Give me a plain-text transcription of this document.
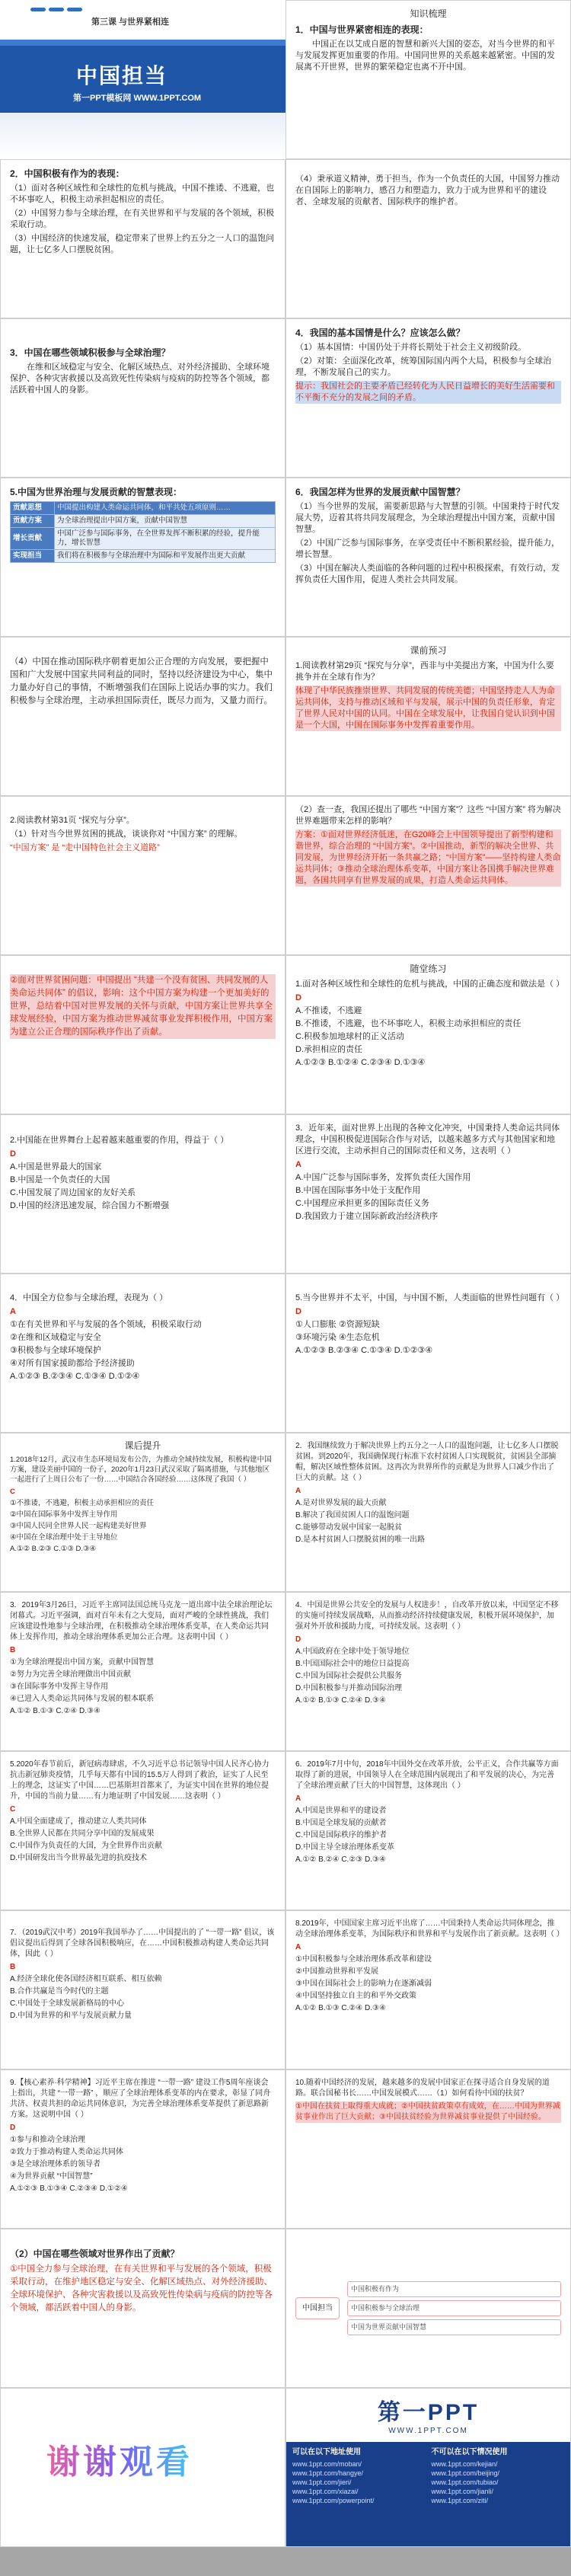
第三课 与世界紧相连
中国担当
第一PPT模板网 WWW.1PPT.COM
知识梳理
1．中国与世界紧密相连的表现：
中国正在以艾成自愿的智慧和新兴大国的姿态，对当今世界的和平与发展发挥更加重要的作用。中国同世界的关系越来越紧密。中国的发展离不开世界，世界的繁荣稳定也离不开中国。
2．中国积极有作为的表现：
（1）面对各种区域性和全球性的危机与挑战，中国不推诿、不逃避，也不坏事吃人，积极主动承担起相应的责任。
（2）中国努力参与全球治理，在有关世界和平与发展的各个领域，积极采取行动。
（3）中国经济的快速发展，稳定带来了世界上约五分之一人口的温饱问题，让七亿多人口摆脱贫困。
（4）秉承道义精神，勇于担当，作为一个负责任的大国，中国努力推动在自国际上的影响力，感召力和塑造力，致力于成为世界和平的建设者、全球发展的贡献者、国际秩序的维护者。
3．中国在哪些领域积极参与全球治理？
在维和区域稳定与安全、化解区域热点、对外经济援助、全球环境保护、各种灾害救援以及高致死性传染病与疫病的防控等各个领域，都活跃着中国人的身影。
4．我国的基本国情是什么？应该怎么做？
（1）基本国情：中国仍处于并将长期处于社会主义初级阶段。
（2）对策：全面深化改革，统筹国际国内两个大局，积极参与全球治理，不断发展自己的实力。
提示：我国社会的主要矛盾已经转化为人民日益增长的美好生活需要和不平衡不充分的发展之间的矛盾。
5.中国为世界治理与发展贡献的智慧表现：
贡献思想	中国提出构建人类命运共同体，和平共处五项原则……
贡献方案	为全球治理提出中国方案，贡献中国智慧
增长贡献	中国广泛参与国际事务，在全世界发挥不断积累的经验，提升能力，增长智慧
实现担当	我们将在积极参与全球治理中为国际和平发展作出更大贡献
6．我国怎样为世界的发展贡献中国智慧？
（1）当今世界的发展，需要新思路与大智慧的引领。中国秉持于时代发展大势，迈着其将共同发展理念，为全球治理提出中国方案，贡献中国智慧。
（2）中国广泛参与国际事务，在享受责任中不断积累经验，提升能力，增长智慧。
（3）中国在解决人类面临的各种问题的过程中积极探索，有效行动，发挥负责任大国作用，促进人类社会共同发展。
（4）中国在推动国际秩序朝着更加公正合理的方向发展，要把握中国和广大发展中国家共同利益的同时，坚持以经济建设为中心，集中力量办好自己的事情，不断增强我们在国际上说话办事的实力。我们积极参与全球治理，主动承担国际责任，既尽力而为，又量力而行。
课前预习
1.阅读教材第29页 “探究与分享”，西非与中美提出方案，中国为什么要挑争并在全球有作为？
体现了中华民族推崇世界、共同发展的传统美德；中国坚持走人人为命运共同体，支持与推动区域和平与发展，展示中国的负责任形象，肯定了世界人民对中国的认同。中国在全球发展中，让我国自觉认识到中国是一个大国，中国在国际事务中发挥着重要作用。
2.阅读教材第31页 “探究与分享”。
（1）针对当今世界贫困的挑战，谈谈你对 “中国方案” 的理解。
“中国方案” 是 “走中国特色社会主义道路”
（2）查一查，我国还提出了哪些 “中国方案”？这些 “中国方案” 将为解决世界难题带来怎样的影响？
方案：①面对世界经济低迷，在G20峰会上中国领导提出了新型构建和谐世界，综合治理的 “中国方案”。②中国推动，新型的解决全世界、共同发展，为世界经济开拓一条共赢之路；“中国方案”——坚持构建人类命运共同体；③推动全球治理体系变革，中国方案让各国携手解决世界难题，各国共同享有世界发展的成果，打造人类命运共同体。
②面对世界贫困问题：中国提出 “共建一个没有贫困、共同发展的人类命运共同体” 的倡议，影响：这个中国方案为构建一个更加美好的世界，总结着中国对世界发展的关怀与贡献，中国方案让世界共享全球发展经验，中国方案为推动世界减贫事业发挥积极作用，中国方案为建立公正合理的国际秩序作出了贡献。
随堂练习
1.面对各种区域性和全球性的危机与挑战，中国的正确态度和做法是（ ）
D
A.不推诿，不逃避
B.不推诿，不逃避，也不坏事吃人，积极主动承担相应的责任
C.积极参加地球村的正义活动
D.承担相应的责任
A.①②③ B.①②④ C.②③④ D.①③④
2.中国能在世界舞台上起着越来越重要的作用，得益于（ ）
D
A.中国是世界最大的国家
B.中国是一个负责任的大国
C.中国发展了周边国家的友好关系
D.中国的经济迅速发展，综合国力不断增强
3．近年来，面对世界上出现的各种文化冲突，中国秉持人类命运共同体理念，中国积极促进国际合作与对话，以越来越多方式与其他国家和地区进行交流，主动承担自己的国际责任和义务，这表明（ ）
A
A.中国广泛参与国际事务，发挥负责任大国作用
B.中国在国际事务中处于支配作用
C.中国理应承担更多的国际责任义务
D.我国致力于建立国际新政治经济秩序
4．中国全方位参与全球治理，表现为（ ）
A
①在有关世界和平与发展的各个领域，积极采取行动
②在维和区域稳定与安全
③积极参与全球环境保护
④对所有国家援助都给予经济援助
A.①②③ B.②③④ C.①③④ D.①②④
5.当今世界并不太平，中国，与中国不断，人类面临的世界性问题有（ ）
D
①人口膨胀 ②资源短缺
③环境污染 ④生态危机
A.①②③ B.②③④ C.①③④ D.①②③④
课后提升
1.2018年12月，武汉市生态环境局发布公告，为推动全域持续发展，积极构建中国方案，建设美丽中国的一份子，2020年1月23日武汉采取了隔离措施，与其他地区一起进行了上周日公布了一份……中国结合各国经验……这体现了我国（ ）
C
①不推诿，不逃避，积极主动承担相应的责任
②中国在国际事务中发挥主导作用
③中国人民同全世界人民一起构建美好世界
④中国在全球治理中处于主导地位
A.①② B.②③ C.①③ D.③④
2．我国继续致力于解决世界上约五分之一人口的温饱问题，让七亿多人口摆脱贫困。到2020年，我国确保现行标准下农村贫困人口实现脱贫，贫困县全部摘帽，解决区域性整体贫困。这再次为世界所作的贡献是为世界人口减少作出了巨大的贡献。这（ ）
A
A.是对世界发展的最大贡献
B.解决了我国贫困人口的温饱问题
C.能够带动发展中国家一起脱贫
D.是本村贫困人口摆脱贫困的唯一出路
3．2019年3月26日，习近平主席同法国总统马克龙一道出席中法全球治理论坛闭幕式。习近平强调，面对百年未有之大变局，面对严峻的全球性挑战，我们应该建设性地参与全球治理，在积极推动全球治理体系变革，在人类命运共同体上发挥作用，推动全球治理体系更加公正合理。这表明中国（ ）
B
①为全球治理提出中国方案，贡献中国智慧
②努力为完善全球治理做出中国贡献
③在国际事务中发挥主导作用
④已进入人类命运共同体与发展的根本联系
A.①② B.①③ C.②④ D.③④
4．中国是世界公共安全的发展与人权进步！，自改革开放以来，中国坚定不移的实施可持续发展战略，从而推动经济持续健康发展，积极开展环境保护，加强对外开放和援助力度，可持续发展。这表明（ ）
D
A.中国政府在全球中处于领导地位
B.中国国际社会中的地位日益提高
C.中国为国际社会提供公共服务
D.中国积极参与并推动国际治理
A.①② B.①③ C.②④ D.③④
5.2020年春节前后，新冠病毒肆虐，不久习近平总书记领导中国人民齐心协力抗击新冠肺炎疫情，几乎每天都有中国的15.5万人得到了救治，证实了人民至上的理念，这证实了中国……巴基斯坦首都来了，为证实中国在世界的地位提升，中国的当前力量……有力地证明了中国发展……这表明（ ）
C
A.中国全面建成了，推动建立人类共同体
B.全世界人民都在共同分享中国的发展成果
C.中国作为负责任的大国，为全世界作出贡献
D.中国研发出当今世界最先进的抗疫技术
6．2019年7月中旬，2018年中国外交在改革开放，公平正义，合作共赢等方面取得了新的进展，中国领导人在全球范围内展现出了和平发展的决心，为完善了全球治理贡献了巨大的中国智慧，这体现出（ ）
A
A.中国是世界和平的建设者
B.中国是全球发展的贡献者
C.中国是国际秩序的维护者
D.中国主导全球治理体系变革
A.①② B.②④ C.②③ D.③④
7．（2019武汉中考）2019年我国举办了……中国提出的了 “一带一路” 倡议，该倡议提出后得到了全球各国积极响应，在……中国积极推动构建人类命运共同体，因此（ ）
B
A.经济全球化使各国经济相互联系、相互依赖
B.合作共赢是当今时代的主题
C.中国处于全球发展新格局的中心
D.中国为世界的和平与发展贡献力量
8.2019年，中国国家主席习近平出席了……中国秉持人类命运共同体理念，推动全球治理体系变革，为国际秩序和世界和平与发展作出了新贡献。这表明（ ）
A
①中国积极参与全球治理体系改革和建设
②中国推动世界和平发展
③中国在国际社会上的影响力在逐渐减弱
④中国坚持独立自主的和平外交政策
A.①② B.①③ C.②④ D.③④
9.【核心素养·科学精神】习近平主席在推进 “一带一路” 建设工作5周年座谈会上指出，共建 “一带一路” ，顺应了全球治理体系变革的内在要求，彰显了同舟共济、权责共担的命运共同体意识，为完善全球治理体系变革提供了新思路新方案。这说明中国（ ）
D
①参与和推动全球治理
②致力于推动构建人类命运共同体
③是全球治理体系的领导者
④为世界贡献 “中国智慧”
A.①②③ B.①③④ C.②③④ D.①②④
10.随着中国经济的发展，越来越多的发展中国家正在探寻适合自身发展的道路。联合国秘书长……中国发展模式……（1）如何看待中国的扶贫？
①中国在扶贫上取得重大成就；②中国扶贫政策卓有成效，在……中国为世界减贫事业作出了巨大贡献；③中国扶贫经验为世界减贫事业提供了中国经验。
（2）中国在哪些领域对世界作出了贡献？
①中国全力参与全球治理，在有关世界和平与发展的各个领域，积极采取行动，在维护地区稳定与安全、化解区域热点、对外经济援助、全球环境保护、各种灾害救援以及高致死性传染病与疫病的防控等各个领域，都活跃着中国人的身影。	中国担当
中国积极有作为
中国积极参与全球治理
中国为世界贡献中国智慧
谢谢观看
第一PPT
WWW.1PPT.COM
可以在以下地址使用
www.1ppt.com/moban/
www.1ppt.com/hangye/
www.1ppt.com/jieri/
www.1ppt.com/xiazai/
www.1ppt.com/powerpoint/
不可以在以下情况使用
www.1ppt.com/kejian/
www.1ppt.com/beijing/
www.1ppt.com/tubiao/
www.1ppt.com/jianli/
www.1ppt.com/ziti/
